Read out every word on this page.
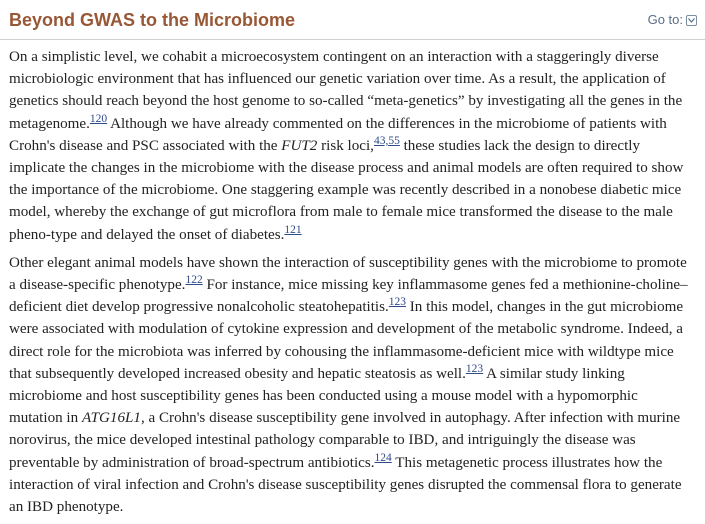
Beyond GWAS to the Microbiome	Go to:

On a simplistic level, we cohabit a microecosystem contingent on an interaction with a staggeringly diverse microbiologic environment that has influenced our genetic variation over time. As a result, the application of genetics should reach beyond the host genome to so-called “meta-genetics” by investigating all the genes in the metagenome.$^{120}$ Although we have already commented on the differences in the microbiome of patients with Crohn's disease and PSC associated with the FUT2 risk loci,$^{43,55}$ these studies lack the design to directly implicate the changes in the microbiome with the disease process and animal models are often required to show the importance of the microbiome. One staggering example was recently described in a nonobese diabetic mice model, whereby the exchange of gut microflora from male to female mice transformed the disease to the male pheno-type and delayed the onset of diabetes.$^{121}$

Other elegant animal models have shown the interaction of susceptibility genes with the microbiome to promote a disease-specific phenotype.$^{122}$ For instance, mice missing key inflammasome genes fed a methionine-choline–deficient diet develop progressive nonalcoholic steatohepatitis.$^{123}$ In this model, changes in the gut microbiome were associated with modulation of cytokine expression and development of the metabolic syndrome. Indeed, a direct role for the microbiota was inferred by cohousing the inflammasome-deficient mice with wildtype mice that subsequently developed increased obesity and hepatic steatosis as well.$^{123}$ A similar study linking microbiome and host susceptibility genes has been conducted using a mouse model with a hypomorphic mutation in ATG16L1, a Crohn's disease susceptibility gene involved in autophagy. After infection with murine norovirus, the mice developed intestinal pathology comparable to IBD, and intriguingly the disease was preventable by administration of broad-spectrum antibiotics.$^{124}$ This metagenetic process illustrates how the interaction of viral infection and Crohn's disease susceptibility genes disrupted the commensal flora to generate an IBD phenotype.
